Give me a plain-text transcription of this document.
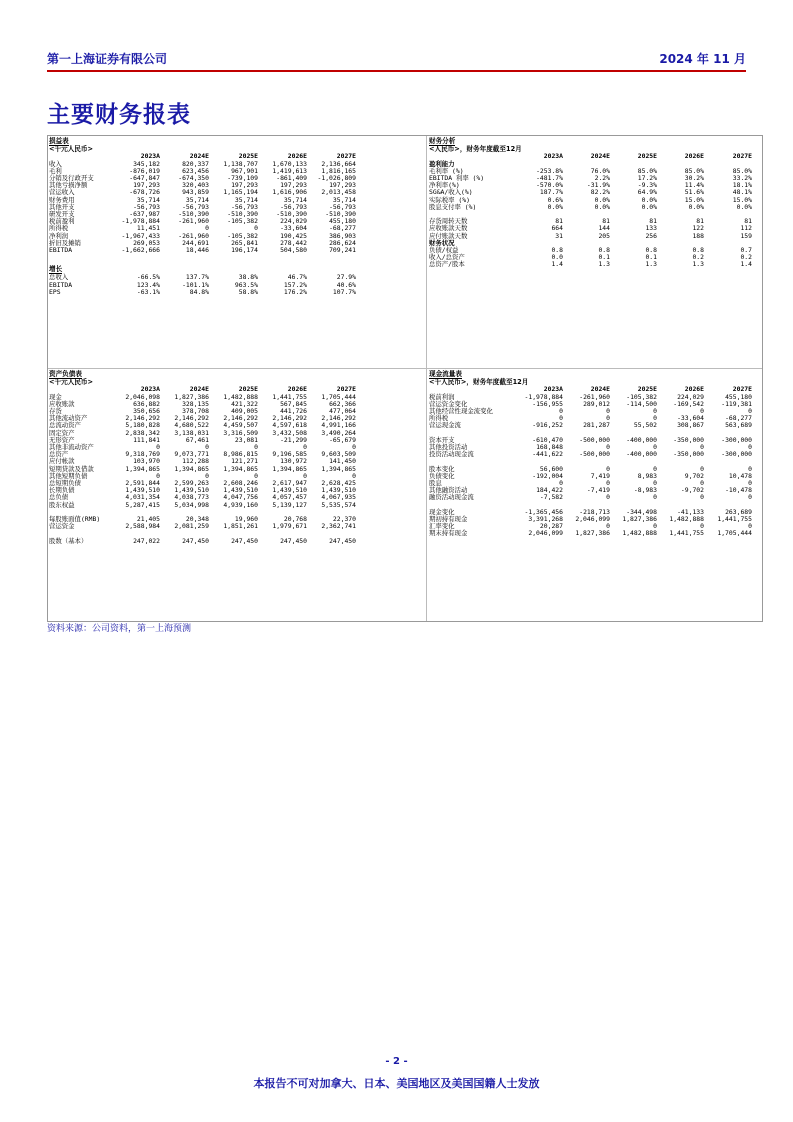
第一上海证券有限公司	2024 年 11 月
主要财务报表
损益表
<千元人民币>
	2023A	2024E	2025E	2026E	2027E
收入	345,182	820,337	1,138,707	1,670,133	2,136,664
毛利	-876,019	623,456	967,901	1,419,613	1,816,165
分销及行政开支	-647,847	-674,350	-739,109	-861,409	-1,026,809
其他亏损净额	197,293	320,403	197,293	197,293	197,293
营运收入	-678,726	943,859	1,165,194	1,616,906	2,013,458
财务费用	35,714	35,714	35,714	35,714	35,714
其他开支	-56,793	-56,793	-56,793	-56,793	-56,793
研发开支	-637,987	-510,390	-510,390	-510,390	-510,390
税前盈利	-1,978,884	-261,960	-105,382	224,029	455,180
所得税	11,451	0	0	-33,604	-68,277
净利润	-1,967,433	-261,960	-105,382	190,425	386,903
折旧及摊销	269,053	244,691	265,841	278,442	286,624
EBITDA	-1,662,666	18,446	196,174	504,580	709,241
增长
总收入	-66.5%	137.7%	38.8%	46.7%	27.9%
EBITDA	123.4%	-101.1%	963.5%	157.2%	40.6%
EPS	-63.1%	84.8%	58.8%	176.2%	107.7%
财务分析
<人民币>，财务年度截至12月
	2023A	2024E	2025E	2026E	2027E
盈利能力					
毛利率 (%)	-253.8%	76.0%	85.0%	85.0%	85.0%
EBITDA 利率 (%)	-481.7%	2.2%	17.2%	30.2%	33.2%
净利率(%)	-570.0%	-31.9%	-9.3%	11.4%	18.1%
SG&A/收入(%)	187.7%	82.2%	64.9%	51.6%	48.1%
实际税率 (%)	0.6%	0.0%	0.0%	15.0%	15.0%
股息支付率 (%)	0.0%	0.0%	0.0%	0.0%	0.0%

存货周转天数	81	81	81	81	81
应收账款天数	664	144	133	122	112
应付账款天数	31	205	256	188	159
财务状况					
负债/权益	0.8	0.8	0.8	0.8	0.7
收入/总资产	0.0	0.1	0.1	0.2	0.2
总资产/股本	1.4	1.3	1.3	1.3	1.4
资产负债表
<千元人民币>
	2023A	2024E	2025E	2026E	2027E
现金	2,046,098	1,827,386	1,482,888	1,441,755	1,705,444
应收账款	636,882	328,135	421,322	567,845	662,366
存货	350,656	378,708	409,005	441,726	477,064
其他流动资产	2,146,292	2,146,292	2,146,292	2,146,292	2,146,292
总流动资产	5,180,828	4,680,522	4,459,507	4,597,618	4,991,166
固定资产	2,838,342	3,138,031	3,316,509	3,432,508	3,490,264
无形资产	111,841	67,461	23,081	-21,299	-65,679
其他非流动资产	0	0	0	0	0
总资产	9,318,769	9,073,771	8,986,815	9,196,585	9,603,509
应付帐款	103,970	112,288	121,271	130,972	141,450
短期贷款及借款	1,394,865	1,394,865	1,394,865	1,394,865	1,394,865
其他短期负债	0	0	0	0	0
总短期负债	2,591,844	2,599,263	2,608,246	2,617,947	2,628,425
长期负债	1,439,510	1,439,510	1,439,510	1,439,510	1,439,510
总负债	4,031,354	4,038,773	4,047,756	4,057,457	4,067,935
股东权益	5,287,415	5,034,998	4,939,160	5,139,127	5,535,574

每股账面值(RMB)	21,405	20,348	19,960	20,768	22,370
营运资金	2,588,984	2,081,259	1,851,261	1,979,671	2,362,741

股数（基本）	247,022	247,450	247,450	247,450	247,450
现金流量表
<千人民币>，财务年度截至12月
	2023A	2024E	2025E	2026E	2027E
税前利润	-1,978,884	-261,960	-105,382	224,029	455,180
营运资金变化	-156,955	289,012	-114,500	-169,542	-119,381
其他经营性现金流变化	0	0	0	0	0
所得税	0	0	0	-33,604	-68,277
营运现金流	-916,252	281,287	55,502	308,867	563,689

资本开支	-610,470	-500,000	-400,000	-350,000	-300,000
其他投资活动	168,848	0	0	0	0
投资活动现金流	-441,622	-500,000	-400,000	-350,000	-300,000

股本变化	56,600	0	0	0	0
负债变化	-192,004	7,419	8,983	9,702	10,478
股息	0	0	0	0	0
其他融资活动	184,422	-7,419	-8,983	-9,702	-10,478
融资活动现金流	-7,582	0	0	0	0

现金变化	-1,365,456	-218,713	-344,498	-41,133	263,689
期初持有现金	3,391,268	2,046,099	1,827,386	1,482,888	1,441,755
汇率变化	20,287	0	0	0	0
期末持有现金	2,046,099	1,827,386	1,482,888	1,441,755	1,705,444
资料来源：公司资料，第一上海预测
- 2 -
本报告不可对加拿大、日本、美国地区及美国国籍人士发放
